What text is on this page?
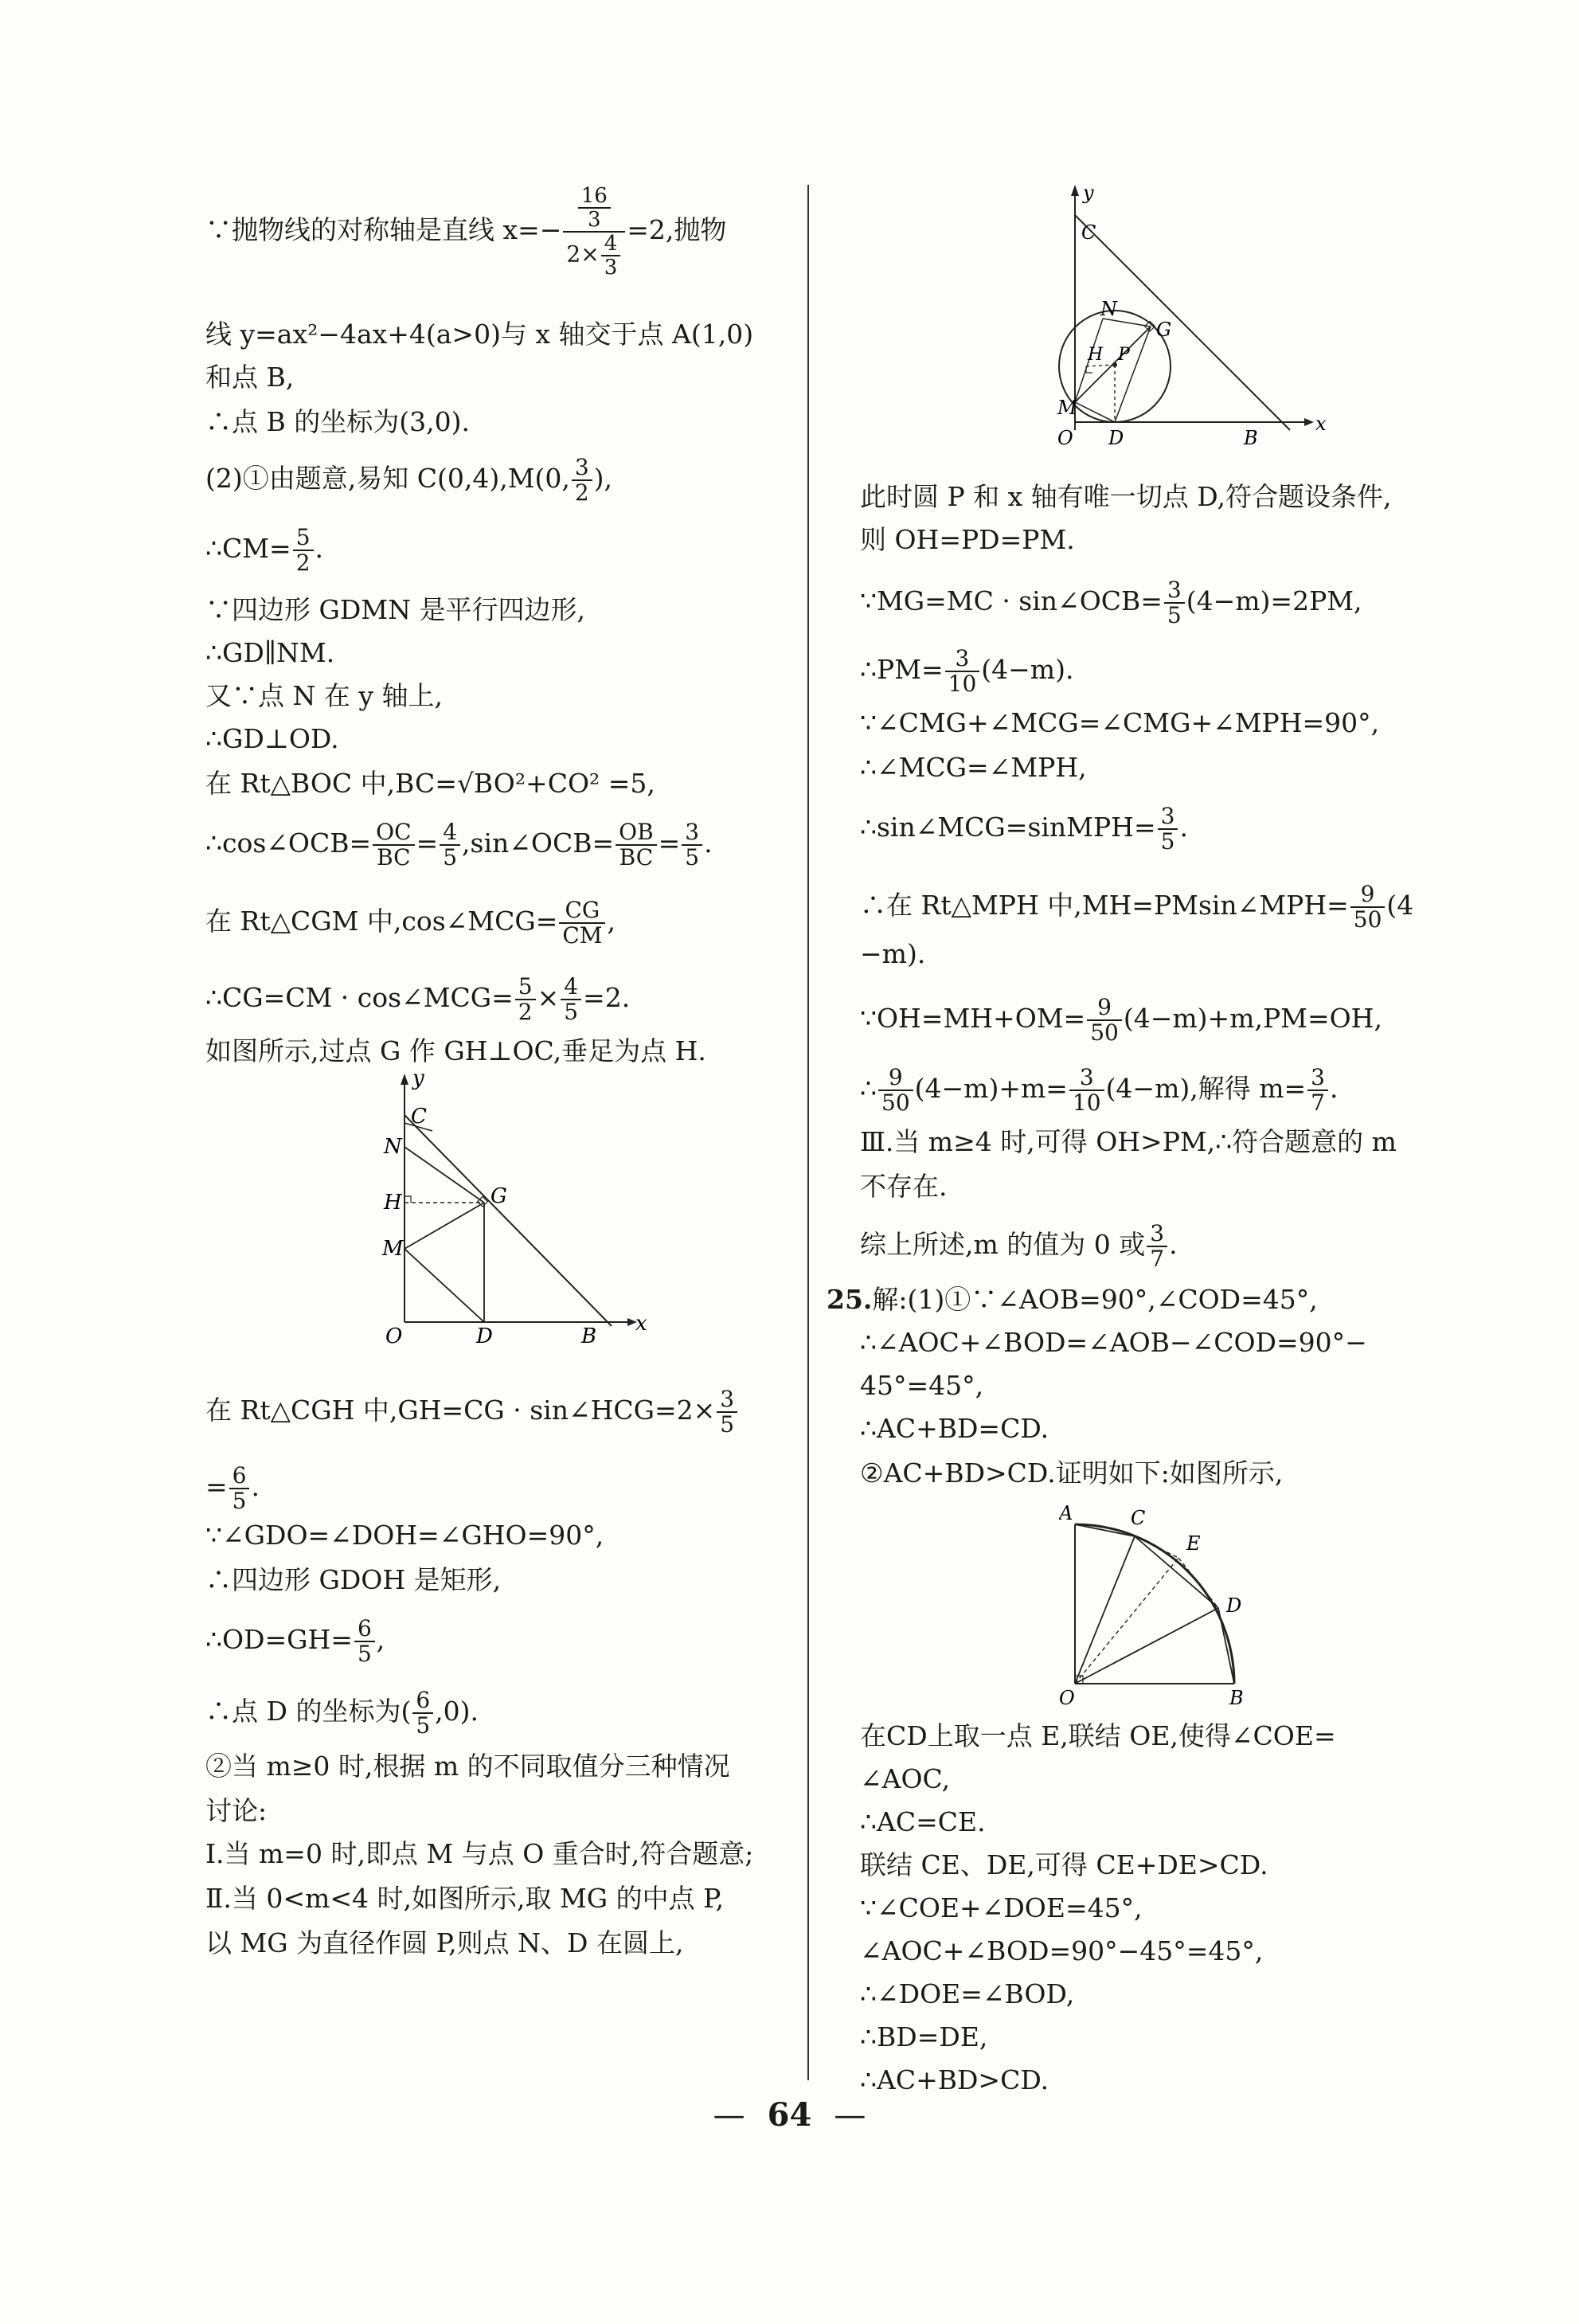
∵抛物线的对称轴是直线 $x=- \frac{\frac{16}{3}}{2\times \frac{4}{3}} =2$,抛物
线 y=ax²−4ax+4(a>0)与 x 轴交于点 A(1,0)
和点 B,
∴点 B 的坐标为(3,0).
(2)①由题意,易知 C(0,4),M(0, $\frac{3}{2}$ ),
∴CM= $\frac{5}{2}$ .
∵四边形 GDMN 是平行四边形,
∴GD∥NM.
又∵点 N 在 y 轴上,
∴GD⊥OD.
在 Rt△BOC 中,BC=√BO²+CO² =5,
∴cos∠OCB= $\frac{OC}{BC} = \frac{4}{5}$ ,sin∠OCB= $\frac{OB}{BC} = \frac{3}{5}$ .
在 Rt△CGM 中,cos∠MCG= $\frac{CG}{CM}$ ,
∴CG=CM · cos∠MCG= $\frac{5}{2} \times \frac{4}{5} =2$.
如图所示,过点 G 作 GH⊥OC,垂足为点 H.
y
x
C
N
H	G
M
O	D	B
在 Rt△CGH 中,GH=CG · sin∠HCG=2× $\frac{3}{5}$
= $\frac{6}{5}$ .
∵∠GDO=∠DOH=∠GHO=90°,
∴四边形 GDOH 是矩形,
∴OD=GH= $\frac{6}{5}$ ,
∴点 D 的坐标为( $\frac{6}{5} ,0$).
②当 m≥0 时,根据 m 的不同取值分三种情况
讨论:
Ⅰ.当 m=0 时,即点 M 与点 O 重合时,符合题意;
Ⅱ.当 0<m<4 时,如图所示,取 MG 的中点 P,
以 MG 为直径作圆 P,则点 N、D 在圆上,
y
x
C
N
G
H P
M
O D	B
此时圆 P 和 x 轴有唯一切点 D,符合题设条件,
则 OH=PD=PM.
∵MG=MC · sin∠OCB= $\frac{3}{5} (4-m)=2PM$,
∴PM= $\frac{3}{10} (4-m)$.
∵∠CMG+∠MCG=∠CMG+∠MPH=90°,
∴∠MCG=∠MPH,
∴sin∠MCG=sinMPH= $\frac{3}{5}$ .
∴在 Rt△MPH 中,MH=PMsin∠MPH= $\frac{9}{50} (4$
−m).
∵OH=MH+OM= $\frac{9}{50} (4-m)+m,PM=OH$,
∴ $\frac{9}{50} (4-m)+m= \frac{3}{10} (4-m)$,解得 $m= \frac{3}{7}$ .
Ⅲ.当 m≥4 时,可得 OH>PM,∴符合题意的 m
不存在.
综上所述,m 的值为 0 或 $\frac{3}{7}$ .
25.解:(1)①∵∠AOB=90°,∠COD=45°,
∴∠AOC+∠BOD=∠AOB−∠COD=90°−
45°=45°,
∴AC+BD=CD.
②AC+BD>CD.证明如下:如图所示,
A	C
E
D
O	B
在CD上取一点 E,联结 OE,使得∠COE=
∠AOC,
∴AC=CE.
联结 CE、DE,可得 CE+DE>CD.
∵∠COE+∠DOE=45°,
∠AOC+∠BOD=90°−45°=45°,
∴∠DOE=∠BOD,
∴BD=DE,
∴AC+BD>CD.
— 64 —
